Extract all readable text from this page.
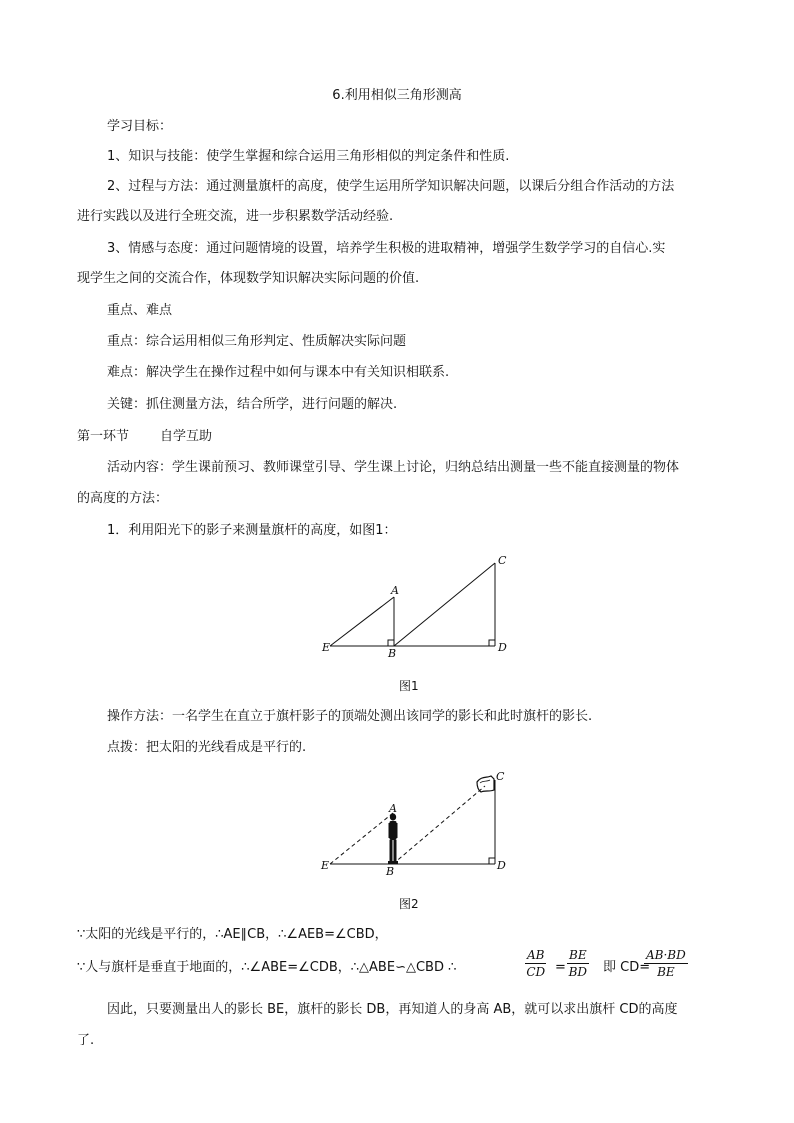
6.利用相似三角形测高
学习目标：
1、知识与技能：使学生掌握和综合运用三角形相似的判定条件和性质.
2、过程与方法：通过测量旗杆的高度，使学生运用所学知识解决问题，以课后分组合作活动的方法
进行实践以及进行全班交流，进一步积累数学活动经验.
3、情感与态度：通过问题情境的设置，培养学生积极的进取精神，增强学生数学学习的自信心.实
现学生之间的交流合作，体现数学知识解决实际问题的价值.
重点、难点
重点：综合运用相似三角形判定、性质解决实际问题
难点：解决学生在操作过程中如何与课本中有关知识相联系.
关键：抓住测量方法，结合所学，进行问题的解决.
第一环节 自学互助
活动内容：学生课前预习、教师课堂引导、学生课上讨论，归纳总结出测量一些不能直接测量的物体
的高度的方法：
1．利用阳光下的影子来测量旗杆的高度，如图1：
A
B
C
D
E
图1
操作方法：一名学生在直立于旗杆影子的顶端处测出该同学的影长和此时旗杆的影长.
点拨：把太阳的光线看成是平行的.
A
B
C
D
E
图2
∵太阳的光线是平行的，∴AE∥CB，∴∠AEB=∠CBD，
∵人与旗杆是垂直于地面的，∴∠ABE=∠CDB，∴△ABE∽△CBD ∴	$\frac{AB}{CD} = \frac{BE}{BD}$ 即 CD=
$\frac{AB\cdot BD}{BE}$
因此，只要测量出人的影长 BE，旗杆的影长 DB，再知道人的身高 AB，就可以求出旗杆 CD的高度
了.
